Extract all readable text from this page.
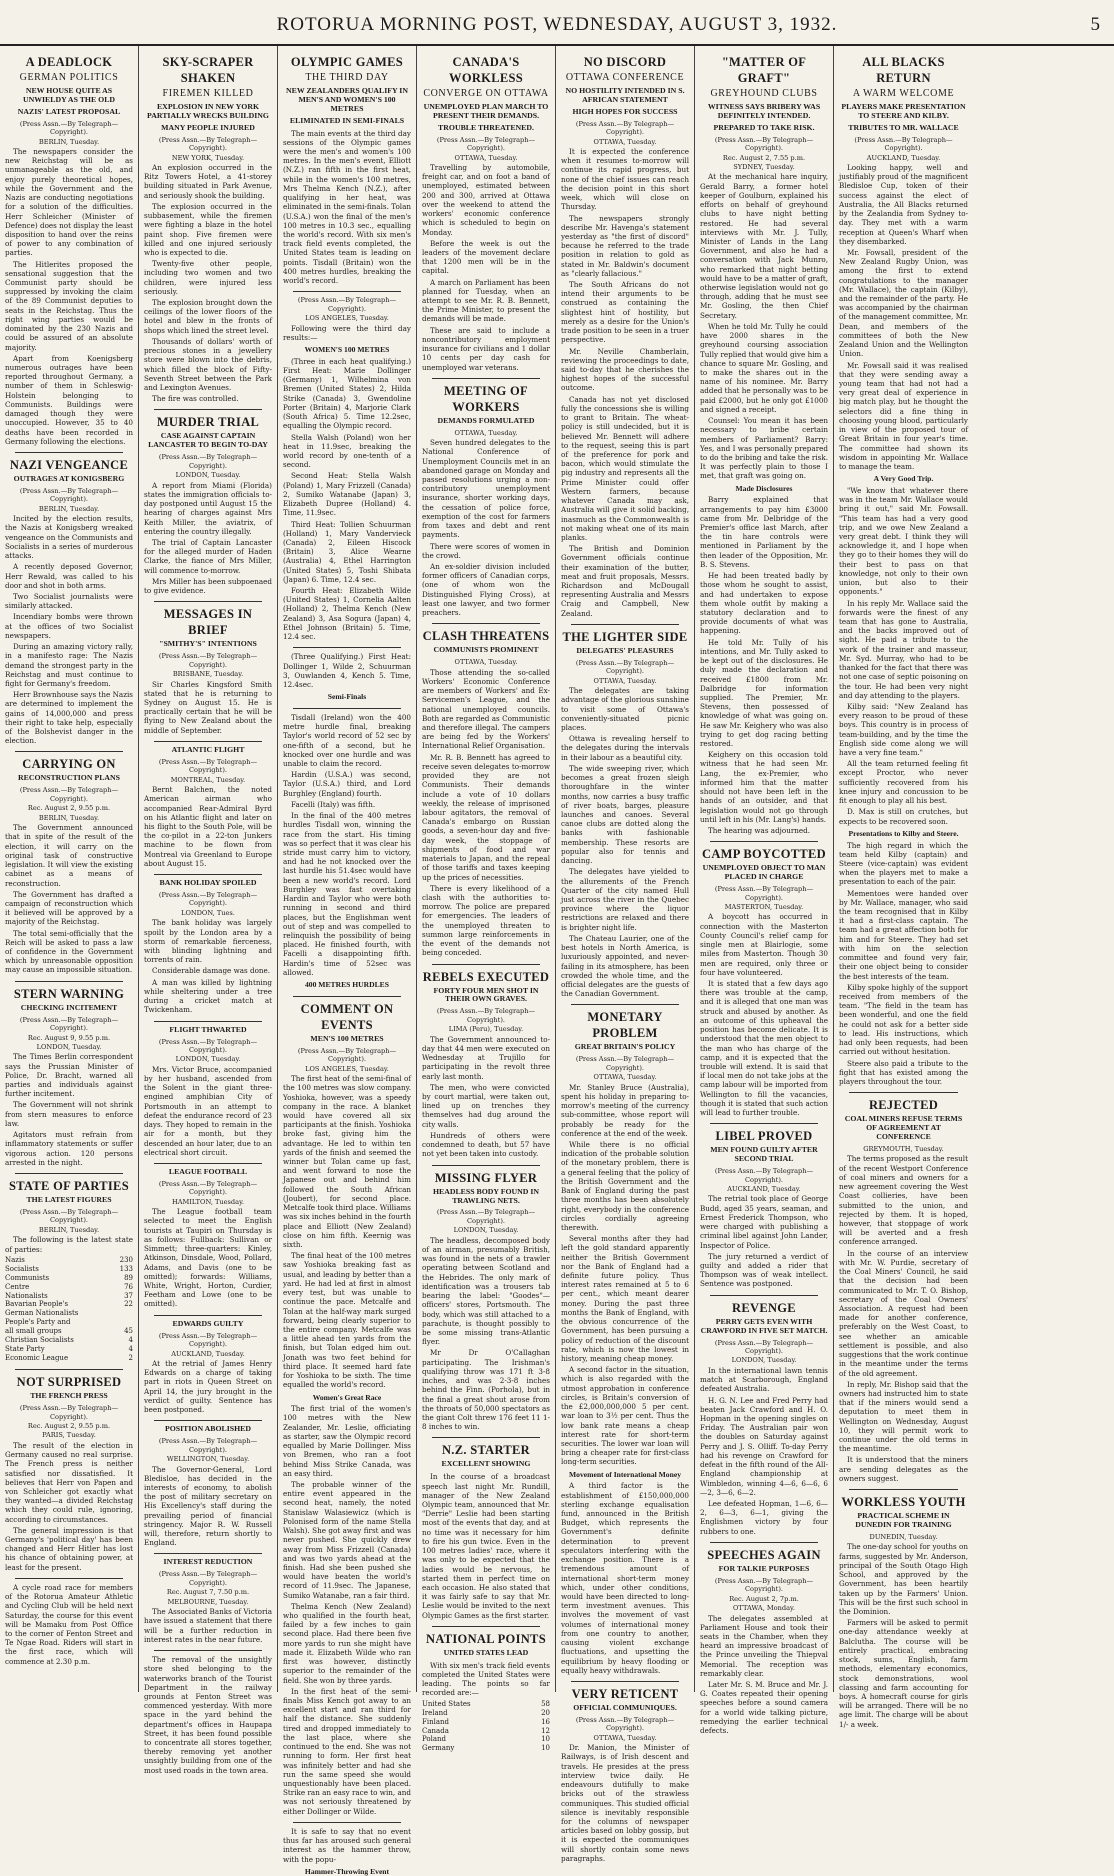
ROTORUA MORNING POST, WEDNESDAY, AUGUST 3, 1932.	5
A DEADLOCK
GERMAN POLITICS
NEW HOUSE QUITE AS UNWIELDY AS THE OLD
NAZIS' LATEST PROPOSAL
(Press Assn.—By Telegraph—Copyright).
BERLIN, Tuesday.

The newspapers consider the new Reichstag will be as unmanageable as the old, and enjoy purely theoretical hopes, while the Government and the Nazis are conducting negotiations for a solution of the difficulties. Herr Schleicher (Minister of Defence) does not display the least disposition to hand over the reins of power to any combination of parties.

The Hitlerites proposed the sensational suggestion that the Communist party should be suppressed by invoking the claim of the 89 Communist deputies to seats in the Reichstag. Thus the right wing parties would be dominated by the 230 Nazis and could be assured of an absolute majority.

Apart from Koenigsberg numerous outrages have been reported throughout Germany, a number of them in Schleswig-Holstein belonging to Communists. Buildings were damaged though they were unoccupied. However, 35 to 40 deaths have been recorded in Germany following the elections.

NAZI VENGEANCE
OUTRAGES AT KONIGSBERG
(Press Assn.—By Telegraph—Copyright).
BERLIN, Tuesday.

Incited by the election results, the Nazis at Konigsberg wreaked vengeance on the Communists and Socialists in a series of murderous attacks.

A recently deposed Governor, Herr Rewald, was called to his door and shot in both arms.

Two Socialist journalists were similarly attacked.

Incendiary bombs were thrown at the offices of two Socialist newspapers.

During an amazing victory rally, in a manifesto rage: The Nazis demand the strongest party in the Reichstag and must continue to fight for Germany's freedom.

Herr Brownhouse says the Nazis are determined to implement the gains of 14,000,000 and press their right to take help, especially of the Bolshevist danger in the election.

CARRYING ON
RECONSTRUCTION PLANS
(Press Assn.—By Telegraph—Copyright).
Rec. August 2, 9.55 p.m.
BERLIN, Tuesday.

The Government announced that in spite of the result of the election, it will carry on the original task of constructive legislation. It will view the existing cabinet as a means of reconstruction.

The Government has drafted a campaign of reconstruction which it believed will be approved by a majority of the Reichstag.

The total semi-officially that the Reich will be asked to pass a law of confidence in the Government which by unreasonable opposition may cause an impossible situation.

STERN WARNING
CHECKING INCITEMENT
(Press Assn.—By Telegraph—Copyright).
Rec. August 9, 9.55 p.m.
LONDON, Tuesday.

The Times Berlin correspondent says the Prussian Minister of Police, Dr. Bracht, warned all parties and individuals against further incitement.

The Government will not shrink from stern measures to enforce law.

Agitators must refrain from inflammatory statements or suffer vigorous action. 120 persons arrested in the night.

STATE OF PARTIES
THE LATEST FIGURES
(Press Assn.—By Telegraph—Copyright).
BERLIN, Tuesday.

The following is the latest state of parties:

Nazis	230
Socialists	133
Communists	89
Centre	76
Nationalists	37
Bavarian People's	22
German Nationalists	
People's Party and	
all small groups	45
Christian Socialists	4
State Party	4
Economic League	2
NOT SURPRISED
THE FRENCH PRESS
(Press Assn.—By Telegraph—Copyright).
Rec. August 2, 9.55 p.m.
PARIS, Tuesday.

The result of the election in Germany caused no real surprise. The French press is neither satisfied nor dissatisfied. It believes that Herr von Papen and von Schleicher got exactly what they wanted—a divided Reichstag which they could rule, ignoring, according to circumstances.

The general impression is that Germany's 'political day' has been changed and Herr Hitler has lost his chance of obtaining power, at least for the present.

A cycle road race for members of the Rotorua Amateur Athletic and Cycling Club will be held next Saturday, the course for this event will be Mamaku from Post Office to the corner of Fenton Street and Te Ngae Road. Riders will start in the first race, which will commence at 2.30 p.m.

SKY-SCRAPER SHAKEN
FIREMEN KILLED
EXPLOSION IN NEW YORK PARTIALLY WRECKS BUILDING
MANY PEOPLE INJURED
(Press Assn.—By Telegraph—Copyright).
NEW YORK, Tuesday.

An explosion occurred in the Ritz Towers Hotel, a 41-storey building situated in Park Avenue, and seriously shook the building.

The explosion occurred in the subbasement, while the firemen were fighting a blaze in the hotel paint shop. Five firemen were killed and one injured seriously who is expected to die.

Twenty-five other people, including two women and two children, were injured less seriously.

The explosion brought down the ceilings of the lower floors of the hotel and blew in the fronts of shops which lined the street level.

Thousands of dollars' worth of precious stones in a jewellery store were blown into the debris, which filled the block of Fifty-Seventh Street between the Park and Lexington Avenues.

The fire was controlled.

MURDER TRIAL
CASE AGAINST CAPTAIN LANCASTER TO BEGIN TO-DAY
(Press Assn.—By Telegraph—Copyright).
LONDON, Tuesday.

A report from Miami (Florida) states the immigration officials to-day postponed until August 15 the hearing of charges against Mrs Keith Miller, the aviatrix, of entering the country illegally.

The trial of Captain Lancaster for the alleged murder of Haden Clarke, the fiance of Mrs Miller, will commence to-morrow.

Mrs Miller has been subpoenaed to give evidence.

MESSAGES IN BRIEF
"SMITHY'S" INTENTIONS
(Press Assn.—By Telegraph—Copyright).
BRISBANE, Tuesday.

Sir Charles Kingsford Smith stated that he is returning to Sydney on August 15. He is practically certain that he will be flying to New Zealand about the middle of September.

ATLANTIC FLIGHT
(Press Assn.—By Telegraph—Copyright).
MONTREAL, Tuesday.

Bernt Balchen, the noted American airman who accompanied Rear-Admiral Byrd on his Atlantic flight and later on his flight to the South Pole, will be the co-pilot in a 22-ton Junkers machine to be flown from Montreal via Greenland to Europe about August 15.

BANK HOLIDAY SPOILED
(Press Assn.—By Telegraph—Copyright).
LONDON, Tues.

The bank holiday was largely spoilt by the London area by a storm of remarkable fierceness, with blinding lightning and torrents of rain.

Considerable damage was done.

A man was killed by lightning while sheltering under a tree during a cricket match at Twickenham.

FLIGHT THWARTED
(Press Assn.—By Telegraph—Copyright).
LONDON, Tuesday.

Mrs. Victor Bruce, accompanied by her husband, ascended from the Solent in the giant three-engined amphibian City of Portsmouth in an attempt to defeat the endurance record of 23 days. They hoped to remain in the air for a month, but they descended an hour later, due to an electrical short circuit.

LEAGUE FOOTBALL
(Press Assn.—By Telegraph—Copyright).
HAMILTON, Tuesday.

The League football team selected to meet the English tourists at Taupiri on Thursday is as follows: Fullback: Sullivan or Simmett; three-quarters: Kinley, Atkinson, Dinsdale, Wood, Pollard, Adams, and Davis (one to be omitted); forwards: Williams, White, Wright, Horton, Curdier, Feetham and Lowe (one to be omitted).

EDWARDS GUILTY
(Press Assn.—By Telegraph—Copyright).
AUCKLAND, Tuesday.

At the retrial of James Henry Edwards on a charge of taking part in riots in Queen Street on April 14, the jury brought in the verdict of guilty. Sentence has been postponed.

POSITION ABOLISHED
(Press Assn.—By Telegraph—Copyright).
WELLINGTON, Tuesday.

The Governor-General, Lord Bledisloe, has decided in the interests of economy, to abolish the post of military secretary on His Excellency's staff during the prevailing period of financial stringency. Major R. W. Russell will, therefore, return shortly to England.

INTEREST REDUCTION
(Press Assn.—By Telegraph—Copyright).
Rec. August 7, 7.50 p.m.
MELBOURNE, Tuesday.

The Associated Banks of Victoria have issued a statement that there will be a further reduction in interest rates in the near future.

The removal of the unsightly store shed belonging to the waterworks branch of the Tourist Department in the railway grounds at Fenton Street was commenced yesterday. With more space in the yard behind the department's offices in Haupapa Street, it has been found possible to concentrate all stores together, thereby removing yet another unsightly building from one of the most used roads in the town area.

OLYMPIC GAMES
THE THIRD DAY
NEW ZEALANDERS QUALIFY IN MEN'S AND WOMEN'S 100 METRES
ELIMINATED IN SEMI-FINALS

The main events at the third day sessions of the Olympic games were the men's and women's 100 metres. In the men's event, Elliott (N.Z.) ran fifth in the first heat, while in the women's 100 metres, Mrs Thelma Kench (N.Z.), after qualifying in her heat, was eliminated in the semi-finals. Tolan (U.S.A.) won the final of the men's 100 metres in 10.3 sec., equalling the world's record. With six men's track field events completed, the United States team is leading on points. Tisdall (Britain) won the 400 metres hurdles, breaking the world's record.

(Press Assn.—By Telegraph—Copyright).
LOS ANGELES, Tuesday.

Following were the third day results:—

WOMEN'S 100 METRES

(Three in each heat qualifying.) First Heat: Marie Dollinger (Germany) 1, Wilhelmina von Bremen (United States) 2, Hilda Strike (Canada) 3, Gwendoline Porter (Britain) 4, Marjorie Clark (South Africa) 5. Time 12.2sec, equalling the Olympic record.

Stella Walsh (Poland) won her heat in 11.9sec, breaking the world record by one-tenth of a second.

Second Heat: Stella Walsh (Poland) 1, Mary Frizzell (Canada) 2, Sumiko Watanabe (Japan) 3, Elizabeth Dupree (Holland) 4. Time, 11.9sec.

Third Heat: Tollien Schuurman (Holland) 1, Mary Vandervieck (Canada) 2, Eileen Hiscock (Britain) 3, Alice Wearne (Australia) 4, Ethel Harrington (United States) 5, Toshi Shibata (Japan) 6. Time, 12.4 sec.

Fourth Heat: Elizabeth Wilde (United States) 1, Cornelia Aalten (Holland) 2, Thelma Kench (New Zealand) 3, Asa Sogura (Japan) 4, Ethel Johnson (Britain) 5. Time, 12.4 sec.

(Three Qualifying.) First Heat: Dollinger 1, Wilde 2, Schuurman 3, Ouwlanden 4, Kench 5. Time, 12.4sec.

Semi-Finals

Tisdall (Ireland) won the 400 metre hurdle final, breaking Taylor's world record of 52 sec by one-fifth of a second, but he knocked over one hurdle and was unable to claim the record.

Hardin (U.S.A.) was second, Taylor (U.S.A.) third, and Lord Burghley (England) fourth.

Facelli (Italy) was fifth.

In the final of the 400 metres hurdles Tisdall won, winning the race from the start. His timing was so perfect that it was clear his stride must carry him to victory, and had he not knocked over the last hurdle his 51.4sec would have been a new world's record. Lord Burghley was fast overtaking Hardin and Taylor who were both running in second and third places, but the Englishman went out of step and was compelled to relinquish the possibility of being placed. He finished fourth, with Facelli a disappointing fifth. Hardin's time of 52sec was allowed.

400 METRES HURDLES
COMMENT ON EVENTS
MEN'S 100 METRES
(Press Assn.—By Telegraph—Copyright).
LOS ANGELES, Tuesday.

The first heat of the semi-final of the 100 metres was slow company. Yoshioka, however, was a speedy company in the race. A blanket would have covered all six participants at the finish. Yoshioka broke fast, giving him the advantage. He led to within ten yards of the finish and seemed the winner but Tolan came up fast, and went forward to nose the Japanese out and behind him followed the South African (Joubert), for second place. Metcalfe took third place. Williams was six inches behind in the fourth place and Elliott (New Zealand) close on him fifth. Keernig was sixth.

The final heat of the 100 metres saw Yoshioka breaking fast as usual, and leading by better than a yard. He had led at first in almost every test, but was unable to continue the pace. Metcalfe and Tolan at the half-way mark surged forward, being clearly superior to the entire company. Metcalfe was a little ahead ten yards from the finish, but Tolan edged him out. Jonath was two feet behind for third place. It seemed hard fate for Yoshioka to be sixth. The time equalled the world's record.

Women's Great Race

The first trial of the women's 100 metres with the New Zealander, Mr. Leslie, officiating as starter, saw the Olympic record equalled by Marie Dollinger. Miss von Bremen, who ran a foot behind Miss Strike Canada, was an easy third.

The probable winner of the entire event appeared in the second heat, namely, the noted Stanislaw Walasiewicz (which is Polonised form of the name Stella Walsh). She got away first and was never pushed. She quickly drew away from Miss Frizzell (Canada) and was two yards ahead at the finish. Had she been pushed she would have beaten the world's record of 11.9sec. The Japanese, Sumiko Watanabe, ran a fair third.

Thelma Kench (New Zealand) who qualified in the fourth heat, failed by a few inches to gain second place. Had there been five more yards to run she might have made it. Elizabeth Wilde who ran first was however, distinctly superior to the remainder of the field. She won by three yards.

In the first heat of the semi-finals Miss Kench got away to an excellent start and ran third for half the distance. She suddenly tired and dropped immediately to the last place, where she continued to the end. She was not running to form. Her first heat was infinitely better and had she run the same speed she would unquestionably have been placed. Strike ran an easy race to win, and was not seriously threatened by either Dollinger or Wilde.

It is safe to say that no event thus far has aroused such general interest as the hammer throw, with the popu-

Hammer-Throwing Event
CANADA'S WORKLESS
CONVERGE ON OTTAWA
UNEMPLOYED PLAN MARCH TO PRESENT THEIR DEMANDS.
TROUBLE THREATENED.
(Press Assn.—By Telegraph—Copyright).
OTTAWA, Tuesday.

Travelling by automobile, freight car, and on foot a band of unemployed, estimated between 200 and 300, arrived at Ottawa over the weekend to attend the workers' economic conference which is scheduled to begin on Monday.

Before the week is out the leaders of the movement declare that 1200 men will be in the capital.

A march on Parliament has been planned for Tuesday, when an attempt to see Mr. R. B. Bennett, the Prime Minister, to present the demands will be made.

These are said to include a noncontributory employment insurance for civilians and 1 dollar 10 cents per day cash for unemployed war veterans.

MEETING OF WORKERS
DEMANDS FORMULATED
OTTAWA, Tuesday.

Seven hundred delegates to the National Conference of Unemployment Councils met in an abandoned garage on Monday and passed resolutions urging a non-contributory unemployment insurance, shorter working days, the cessation of police force, exemption of the cost for farmers from taxes and debt and rent payments.

There were scores of women in the crowd.

An ex-soldier division included former officers of Canadian corps, (one of whom won the Distinguished Flying Cross), at least one lawyer, and two former preachers.

CLASH THREATENS
COMMUNISTS PROMINENT
OTTAWA, Tuesday.

Those attending the so-called Workers' Economic Conference are members of Workers' and Ex-Servicemen's League, and the national unemployed councils. Both are regarded as Communistic and therefore illegal. The campers are being fed by the Workers' International Relief Organisation.

Mr. R. B. Bennett has agreed to receive seven delegates to-morrow provided they are not Communists. Their demands include a vote of 10 dollars weekly, the release of imprisoned labour agitators, the removal of Canada's embargo on Russian goods, a seven-hour day and five-day week, the stoppage of shipments of food and war materials to Japan, and the repeal of those tariffs and taxes keeping up the prices of necessities.

There is every likelihood of a clash with the authorities to-morrow. The police are prepared for emergencies. The leaders of the unemployed threaten to summon large reinforcements in the event of the demands not being conceded.

REBELS EXECUTED
FORTY FOUR MEN SHOT IN THEIR OWN GRAVES.
(Press Assn.—By Telegraph—Copyright).
LIMA (Peru), Tuesday.

The Government announced to-day that 44 men were executed on Wednesday at Trujillo for participating in the revolt three early last month.

The men, who were convicted by court martial, were taken out, lined up on trenches they themselves had dug around the city walls.

Hundreds of others were condemned to death, but 57 have not yet been taken into custody.

MISSING FLYER
HEADLESS BODY FOUND IN TRAWLING NETS.
(Press Assn.—By Telegraph—Copyright).
LONDON, Tuesday.

The headless, decomposed body of an airman, presumably British, was found in the nets of a trawler operating between Scotland and the Hebrides. The only mark of identification was a trousers tab bearing the label: "Goodes"—officers' stores, Portsmouth. The body, which was still attached to a parachute, is thought possibly to be some missing trans-Atlantic flyer.

Mr Dr O'Callaghan participating. The Irishman's qualifying throw was 171 ft 3-8 inches, and was 2-3-8 inches behind the Finn. (Porhola), but in the final a great shout arose from the throats of 50,000 spectators as the giant Colt threw 176 feet 11 1-8 inches to win.

N.Z. STARTER
EXCELLENT SHOWING

In the course of a broadcast speech last night Mr. Rundill, manager of the New Zealand Olympic team, announced that Mr. "Derrie" Leslie had been starting most of the events that day, and at no time was it necessary for him to fire his gun twice. Even in the 100 metres ladies' race, where it was only to be expected that the ladies would be nervous, he started them in perfect time on each occasion. He also stated that it was fairly safe to say that Mr. Leslie would be invited to the next Olympic Games as the first starter.

NATIONAL POINTS
UNITED STATES LEAD

With six men's track field events completed the United States were leading. The points so far recorded are:—

United States	58
Ireland	20
Finland	16
Canada	12
Poland	10
Germany	10
NO DISCORD
OTTAWA CONFERENCE
NO HOSTILITY INTENDED IN S. AFRICAN STATEMENT
HIGH HOPES FOR SUCCESS
(Press Assn.—By Telegraph—Copyright).
OTTAWA, Tuesday.

It is expected the conference when it resumes to-morrow will continue its rapid progress, but none of the chief issues can reach the decision point in this short week, which will close on Thursday.

The newspapers strongly describe Mr. Havenga's statement yesterday as "the first of discord" because he referred to the trade position in relation to gold as stated in Mr. Baldwin's document as "clearly fallacious."

The South Africans do not intend their arguments to be construed as containing the slightest hint of hostility, but merely as a desire for the Union's trade position to be seen in a truer perspective.

Mr. Neville Chamberlain, reviewing the proceedings to date, said to-day that he cherishes the highest hopes of the successful outcome.

Canada has not yet disclosed fully the concessions she is willing to grant to Britain. The wheat-policy is still undecided, but it is believed Mr. Bennett will adhere to the request, seeing this is part of the preference for pork and bacon, which would stimulate the pig industry and represents all the Prime Minister could offer Western farmers, because whatever Canada may ask, Australia will give it solid backing, inasmuch as the Commonwealth is not making wheat one of its main planks.

The British and Dominion Government officials continue their examination of the butter, meat and fruit proposals, Messrs. Richardson and McDougall representing Australia and Messrs Craig and Campbell, New Zealand.

THE LIGHTER SIDE
DELEGATES' PLEASURES
(Press Assn.—By Telegraph—Copyright).
OTTAWA, Tuesday.

The delegates are taking advantage of the glorious sunshine to visit some of Ottawa's conveniently-situated picnic places.

Ottawa is revealing herself to the delegates during the intervals in their labour as a beautiful city.

The wide sweeping river, which becomes a great frozen sleigh thoroughfare in the winter months, now carries a busy traffic of river boats, barges, pleasure launches and canoes. Several canoe clubs are dotted along the banks with fashionable membership. These resorts are popular also for tennis and dancing.

The delegates have yielded to the allurements of the French Quarter of the city named Hull just across the river in the Quebec province where the liquor restrictions are relaxed and there is brighter night life.

The Chateau Laurier, one of the best hotels in North America, is luxuriously appointed, and never-failing in its atmosphere, has been crowded the whole time, and the official delegates are the guests of the Canadian Government.

MONETARY PROBLEM
GREAT BRITAIN'S POLICY
(Press Assn.—By Telegraph—Copyright).
OTTAWA, Tuesday.

Mr. Stanley Bruce (Australia), spent his holiday in preparing to-morrow's meeting of the currency sub-committee, whose report will probably be ready for the conference at the end of the week.

While there is no official indication of the probable solution of the monetary problem, there is a general feeling that the policy of the British Government and the Bank of England during the past three months has been absolutely right, everybody in the conference circles cordially agreeing therewith.

Several months after they had left the gold standard apparently neither the British Government nor the Bank of England had a definite future policy. Thus interest rates remained at 5 to 6 per cent., which meant dearer money. During the past three months the Bank of England, with the obvious concurrence of the Government, has been pursuing a policy of reduction of the discount rate, which is now the lowest in history, meaning cheap money.

A second factor in the situation, which is also regarded with the utmost approbation in conference circles, is Britain's conversion of the £2,000,000,000 5 per cent. war loan to 3½ per cent. Thus the low bank rate means a cheap interest rate for short-term securities. The lower war loan will bring a cheaper rate for first-class long-term securities.

Movement of International Money

A third factor is the establishment of £150,000,000 sterling exchange equalisation fund, announced in the British Budget, which represents the Government's definite determination to prevent speculators interfering with the exchange position. There is a tremendous amount of international short-term money which, under other conditions, would have been directed to long-term investment avenues. This involves the movement of vast volumes of international money from one country to another, causing violent exchange fluctuations, and upsetting the equilibrium by heavy flooding or equally heavy withdrawals.

VERY RETICENT
OFFICIAL COMMUNIQUES.
(Press Assn.—By Telegraph—Copyright).
OTTAWA, Tuesday.

Dr. Manion, the Minister of Railways, is of Irish descent and travels. He presides at the press interview twice daily. He endeavours dutifully to make bricks out of the strawless communiques. This studied official silence is inevitably responsible for the columns of newspaper articles based on lobby gossip, but it is expected the communiques will shortly contain some news paragraphs.

"MATTER OF GRAFT"
GREYHOUND CLUBS
WITNESS SAYS BRIBERY WAS DEFINITELY INTENDED.
PREPARED TO TAKE RISK.
(Press Assn.—By Telegraph—Copyright).
Rec. August 2, 7.55 p.m.
SYDNEY, Tuesday.

At the mechanical hare inquiry, Gerald Barry, a former hotel keeper of Goulburn, explained his efforts on behalf of greyhound clubs to have night betting restored. He had several interviews with Mr. J. Tully, Minister of Lands in the Lang Government, and also he had a conversation with Jack Munro, who remarked that night betting would have to be a matter of graft, otherwise legislation would not go through, adding that he must see Mr. Gosling, the then Chief Secretary.

When he told Mr. Tully he could have 2000 shares in the greyhound coursing association Tully replied that would give him a chance to square Mr. Gosling, and to make the shares out in the name of his nominee. Mr. Barry added that he personally was to be paid £2000, but he only got £1000 and signed a receipt.

Counsel: You mean it has been necessary to bribe certain members of Parliament? Barry: Yes, and I was personally prepared to do the bribing and take the risk. It was perfectly plain to those I met, that graft was going on.

Made Disclosures

Barry explained that arrangements to pay him £3000 came from Mr. Delbridge of the Premier's office last March, after the tin hare controls were mentioned in Parliament by the then leader of the Opposition, Mr. B. S. Stevens.

He had been treated badly by those whom he sought to assist, and had undertaken to expose them whole outfit by making a statutory declaration and to provide documents of what was happening.

He told Mr. Tully of his intentions, and Mr. Tully asked to be kept out of the disclosures. He duly made the declaration and received £1800 from Mr. Dalbridge for information supplied. The Premier, Mr. Stevens, then possessed of knowledge of what was going on. He saw Mr. Keighery who was also trying to get dog racing betting restored.

Keighery on this occasion told witness that he had seen Mr. Lang, the ex-Premier, who informed him that the matter should not have been left in the hands of an outsider, and that legislation would not go through until left in his (Mr. Lang's) hands.

The hearing was adjourned.

CAMP BOYCOTTED
UNEMPLOYED OBJECT TO MAN PLACED IN CHARGE
(Press Assn.—By Telegraph—Copyright).
MASTERTON, Tuesday.

A boycott has occurred in connection with the Masterton County Council's relief camp for single men at Blairlogie, some miles from Masterton. Though 30 men are required, only three or four have volunteered.

It is stated that a few days ago there was trouble at the camp, and it is alleged that one man was struck and abused by another. As an outcome of this upheaval the position has become delicate. It is understood that the men object to the man who has charge of the camp, and it is expected that the trouble will extend. It is said that if local men do not take jobs at the camp labour will be imported from Wellington to fill the vacancies, though it is stated that such action will lead to further trouble.

LIBEL PROVED
MEN FOUND GUILTY AFTER SECOND TRIAL
(Press Assn.—By Telegraph—Copyright).
AUCKLAND, Tuesday.

The retrial took place of George Budd, aged 35 years, seaman, and Ernest Frederick Thompson, who were charged with publishing a criminal libel against John Lander, Inspector of Police.

The jury returned a verdict of guilty and added a rider that Thompson was of weak intellect. Sentence was postponed.

REVENGE
PERRY GETS EVEN WITH CRAWFORD IN FIVE SET MATCH.
(Press Assn.—By Telegraph—Copyright).
LONDON, Tuesday.

In the international lawn tennis match at Scarborough, England defeated Australia.

H. G. N. Lee and Fred Perry had beaten Jack Crawford and H. O. Hopman in the opening singles on Friday. The Australian pair won the doubles on Saturday against Perry and J. S. Olliff. To-day Perry had his revenge on Crawford for defeat in the fifth round of the All-England championship at Wimbledon, winning 4—6, 6—6, 6—2, 3—6, 6—2.

Lee defeated Hopman, 1—6, 6—2, 6—3, 6—1, giving the Englishmen victory by four rubbers to one.

SPEECHES AGAIN
FOR TALKIE PURPOSES
(Press Assn.—By Telegraph—Copyright).
Rec. August 2, 7p.m.
OTTAWA, Monday.

The delegates assembled at Parliament House and took their seats in the Chamber, when they heard an impressive broadcast of the Prince unveiling the Thiepval Memorial. The reception was remarkably clear.

Later Mr. S. M. Bruce and Mr. J. G. Coates repeated their opening speeches before a sound camera for a world wide talking picture, remedying the earlier technical defects.

ALL BLACKS RETURN
A WARM WELCOME
PLAYERS MAKE PRESENTATION TO STEERE AND KILBY.
TRIBUTES TO MR. WALLACE
(Press Assn.—By Telegraph—Copyright).
AUCKLAND, Tuesday.

Looking happy, well and justifiably proud of the magnificent Bledisloe Cup, token of their success against the elect of Australia, the All Blacks returned by the Zealandia from Sydney to-day. They met with a warm reception at Queen's Wharf when they disembarked.

Mr. Fowsall, president of the New Zealand Rugby Union, was among the first to extend congratulations to the manager (Mr. Wallace), the captain (Kilby), and the remainder of the party. He was accompanied by the chairman of the management committee, Mr. Dean, and members of the committees of both the New Zealand Union and the Wellington Union.

Mr. Fowsall said it was realised that they were sending away a young team that had not had a very great deal of experience in big match play, but he thought the selectors did a fine thing in choosing young blood, particularly in view of the proposed tour of Great Britain in four year's time. The committee had shown its wisdom in appointing Mr. Wallace to manage the team.

A Very Good Trip.

"We know that whatever there was in the team Mr. Wallace would bring it out," said Mr. Fowsall. "This team has had a very good trip, and we owe New Zealand a very great debt. I think they will acknowledge it, and I hope when they go to their homes they will do their best to pass on that knowledge, not only to their own union, but also to their opponents."

In his reply Mr. Wallace said the forwards were the finest of any team that has gone to Australia, and the backs improved out of sight. He paid a tribute to the work of the trainer and masseur, Mr. Syd. Murray, who had to be thanked for the fact that there was not one case of septic poisoning on the tour. He had been very night and day attending to the players.

Kilby said: "New Zealand has every reason to be proud of these boys. This country is in process of team-building, and by the time the English side come along we will have a very fine team."

All the team returned feeling fit except Proctor, who never sufficiently recovered from his knee injury and concussion to be fit enough to play all his best.

D. Max is still on crutches, but expects to be recovered soon.

Presentations to Kilby and Steere.

The high regard in which the team held Kilby (captain) and Steere (vice-captain) was evident when the players met to make a presentation to each of the pair.

Mementoes were handed over by Mr. Wallace, manager, who said the team recognised that in Kilby it had a first-class captain. The team had a great affection both for him and for Steere. They had set with him on the selection committee and found very fair, their one object being to consider the best interests of the team.

Kilby spoke highly of the support received from members of the team. "The field in the team has been wonderful, and one the field he could not ask for a better side to lead. His instructions, which had only been requests, had been carried out without hesitation.

Steere also paid a tribute to the fight that has existed among the players throughout the tour.

REJECTED
COAL MINERS REFUSE TERMS OF AGREEMENT AT CONFERENCE
GREYMOUTH, Tuesday.

The terms proposed as the result of the recent Westport Conference of coal miners and owners for a new agreement covering the West Coast collieries, have been submitted to the union, and rejected by them. It is hoped, however, that stoppage of work will be averted and a fresh conference arranged.

In the course of an interview with Mr. W. Purdie, secretary of the Coal Miners' Council, he said that the decision had been communicated to Mr. T. O. Bishop, secretary of the Coal Owners' Association. A request had been made for another conference, preferably on the West Coast, to see whether an amicable settlement is possible, and also suggestions that the work continue in the meantime under the terms of the old agreement.

In reply, Mr. Bishop said that the owners had instructed him to state that if the miners would send a deputation to meet them in Wellington on Wednesday, August 10, they will permit work to continue under the old terms in the meantime.

It is understood that the miners are sending delegates as the owners suggest.

WORKLESS YOUTH
PRACTICAL SCHEME IN DUNEDIN FOR TRAINING
DUNEDIN, Tuesday.

The one-day school for youths on farms, suggested by Mr. Anderson, principal of the South Otago High School, and approved by the Government, has been heartily taken up by the Farmers' Union. This will be the first such school in the Dominion.

Farmers will be asked to permit one-day attendance weekly at Balclutha. The course will be entirely practical, embracing stock, sums, English, farm methods, elementary economics, stock demonstrations, wool classing and farm accounting for boys. A homecraft course for girls will be arranged. There will be no age limit. The charge will be about 1/- a week.
